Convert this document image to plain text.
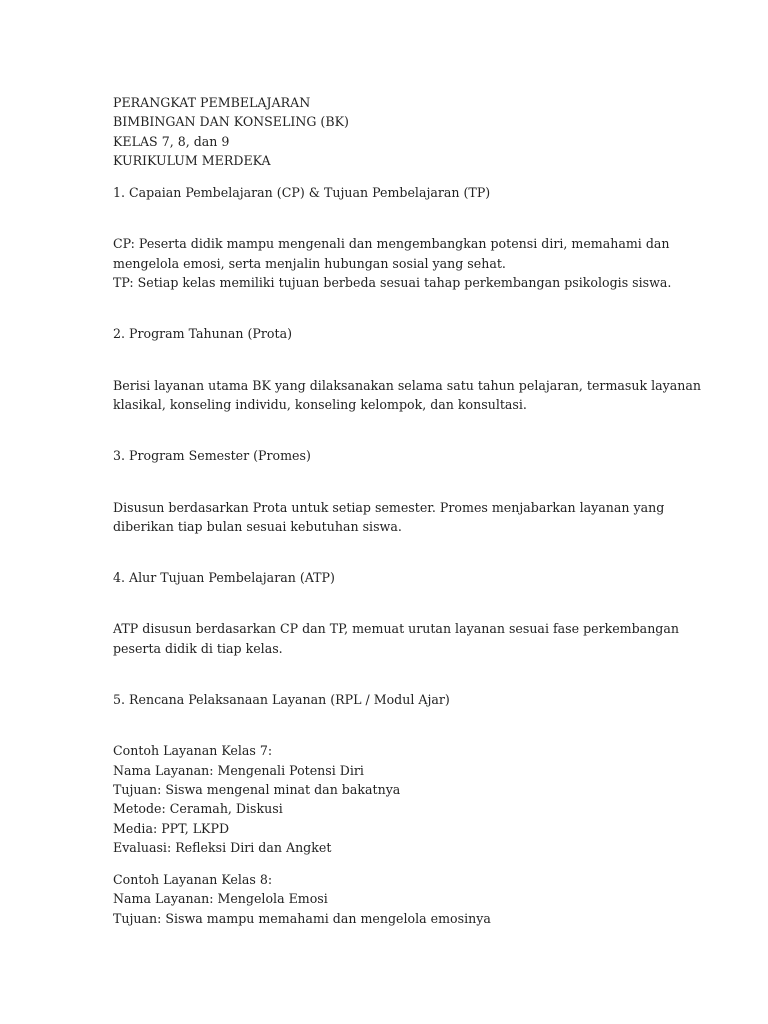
PERANGKAT PEMBELAJARAN
BIMBINGAN DAN KONSELING (BK)
KELAS 7, 8, dan 9
KURIKULUM MERDEKA
1. Capaian Pembelajaran (CP) & Tujuan Pembelajaran (TP)
CP: Peserta didik mampu mengenali dan mengembangkan potensi diri, memahami dan
mengelola emosi, serta menjalin hubungan sosial yang sehat.
TP: Setiap kelas memiliki tujuan berbeda sesuai tahap perkembangan psikologis siswa.
2. Program Tahunan (Prota)
Berisi layanan utama BK yang dilaksanakan selama satu tahun pelajaran, termasuk layanan
klasikal, konseling individu, konseling kelompok, dan konsultasi.
3. Program Semester (Promes)
Disusun berdasarkan Prota untuk setiap semester. Promes menjabarkan layanan yang
diberikan tiap bulan sesuai kebutuhan siswa.
4. Alur Tujuan Pembelajaran (ATP)
ATP disusun berdasarkan CP dan TP, memuat urutan layanan sesuai fase perkembangan
peserta didik di tiap kelas.
5. Rencana Pelaksanaan Layanan (RPL / Modul Ajar)
Contoh Layanan Kelas 7:
Nama Layanan: Mengenali Potensi Diri
Tujuan: Siswa mengenal minat dan bakatnya
Metode: Ceramah, Diskusi
Media: PPT, LKPD
Evaluasi: Refleksi Diri dan Angket
Contoh Layanan Kelas 8:
Nama Layanan: Mengelola Emosi
Tujuan: Siswa mampu memahami dan mengelola emosinya
